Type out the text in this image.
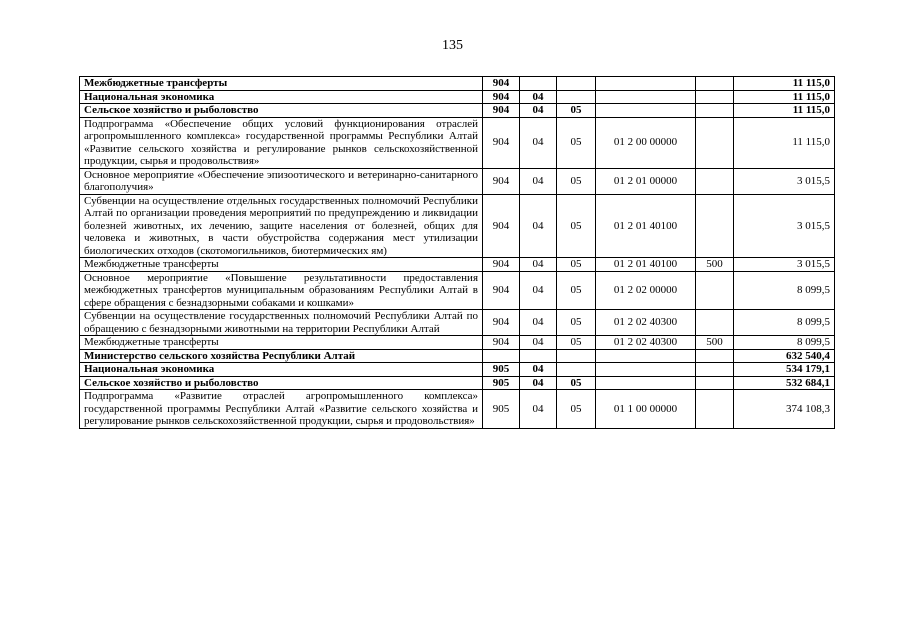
135
Межбюджетные трансферты	904					11 115,0
Национальная экономика	904	04				11 115,0
Сельское хозяйство и рыболовство	904	04	05			11 115,0
Подпрограмма «Обеспечение общих условий функционирования отраслей агропромышленного комплекса» государственной программы Республики Алтай «Развитие сельского хозяйства и регулирование рынков сельскохозяйственной продукции, сырья и продовольствия»	904	04	05	01 2 00 00000		11 115,0
Основное мероприятие «Обеспечение эпизоотического и ветеринарно-санитарного благополучия»	904	04	05	01 2 01 00000		3 015,5
Субвенции на осуществление отдельных государственных полномочий Республики Алтай по организации проведения мероприятий по предупреждению и ликвидации болезней животных, их лечению, защите населения от болезней, общих для человека и животных, в части обустройства содержания мест утилизации биологических отходов (скотомогильников, биотермических ям)	904	04	05	01 2 01 40100		3 015,5
Межбюджетные трансферты	904	04	05	01 2 01 40100	500	3 015,5
Основное мероприятие «Повышение результативности предоставления межбюджетных трансфертов муниципальным образованиям Республики Алтай в сфере обращения с безнадзорными собаками и кошками»	904	04	05	01 2 02 00000		8 099,5
Субвенции на осуществление государственных полномочий Республики Алтай по обращению с безнадзорными животными на территории Республики Алтай	904	04	05	01 2 02 40300		8 099,5
Межбюджетные трансферты	904	04	05	01 2 02 40300	500	8 099,5
Министерство сельского хозяйства Республики Алтай						632 540,4
Национальная экономика	905	04				534 179,1
Сельское хозяйство и рыболовство	905	04	05			532 684,1
Подпрограмма «Развитие отраслей агропромышленного комплекса» государственной программы Республики Алтай «Развитие сельского хозяйства и регулирование рынков сельскохозяйственной продукции, сырья и продовольствия»	905	04	05	01 1 00 00000		374 108,3
